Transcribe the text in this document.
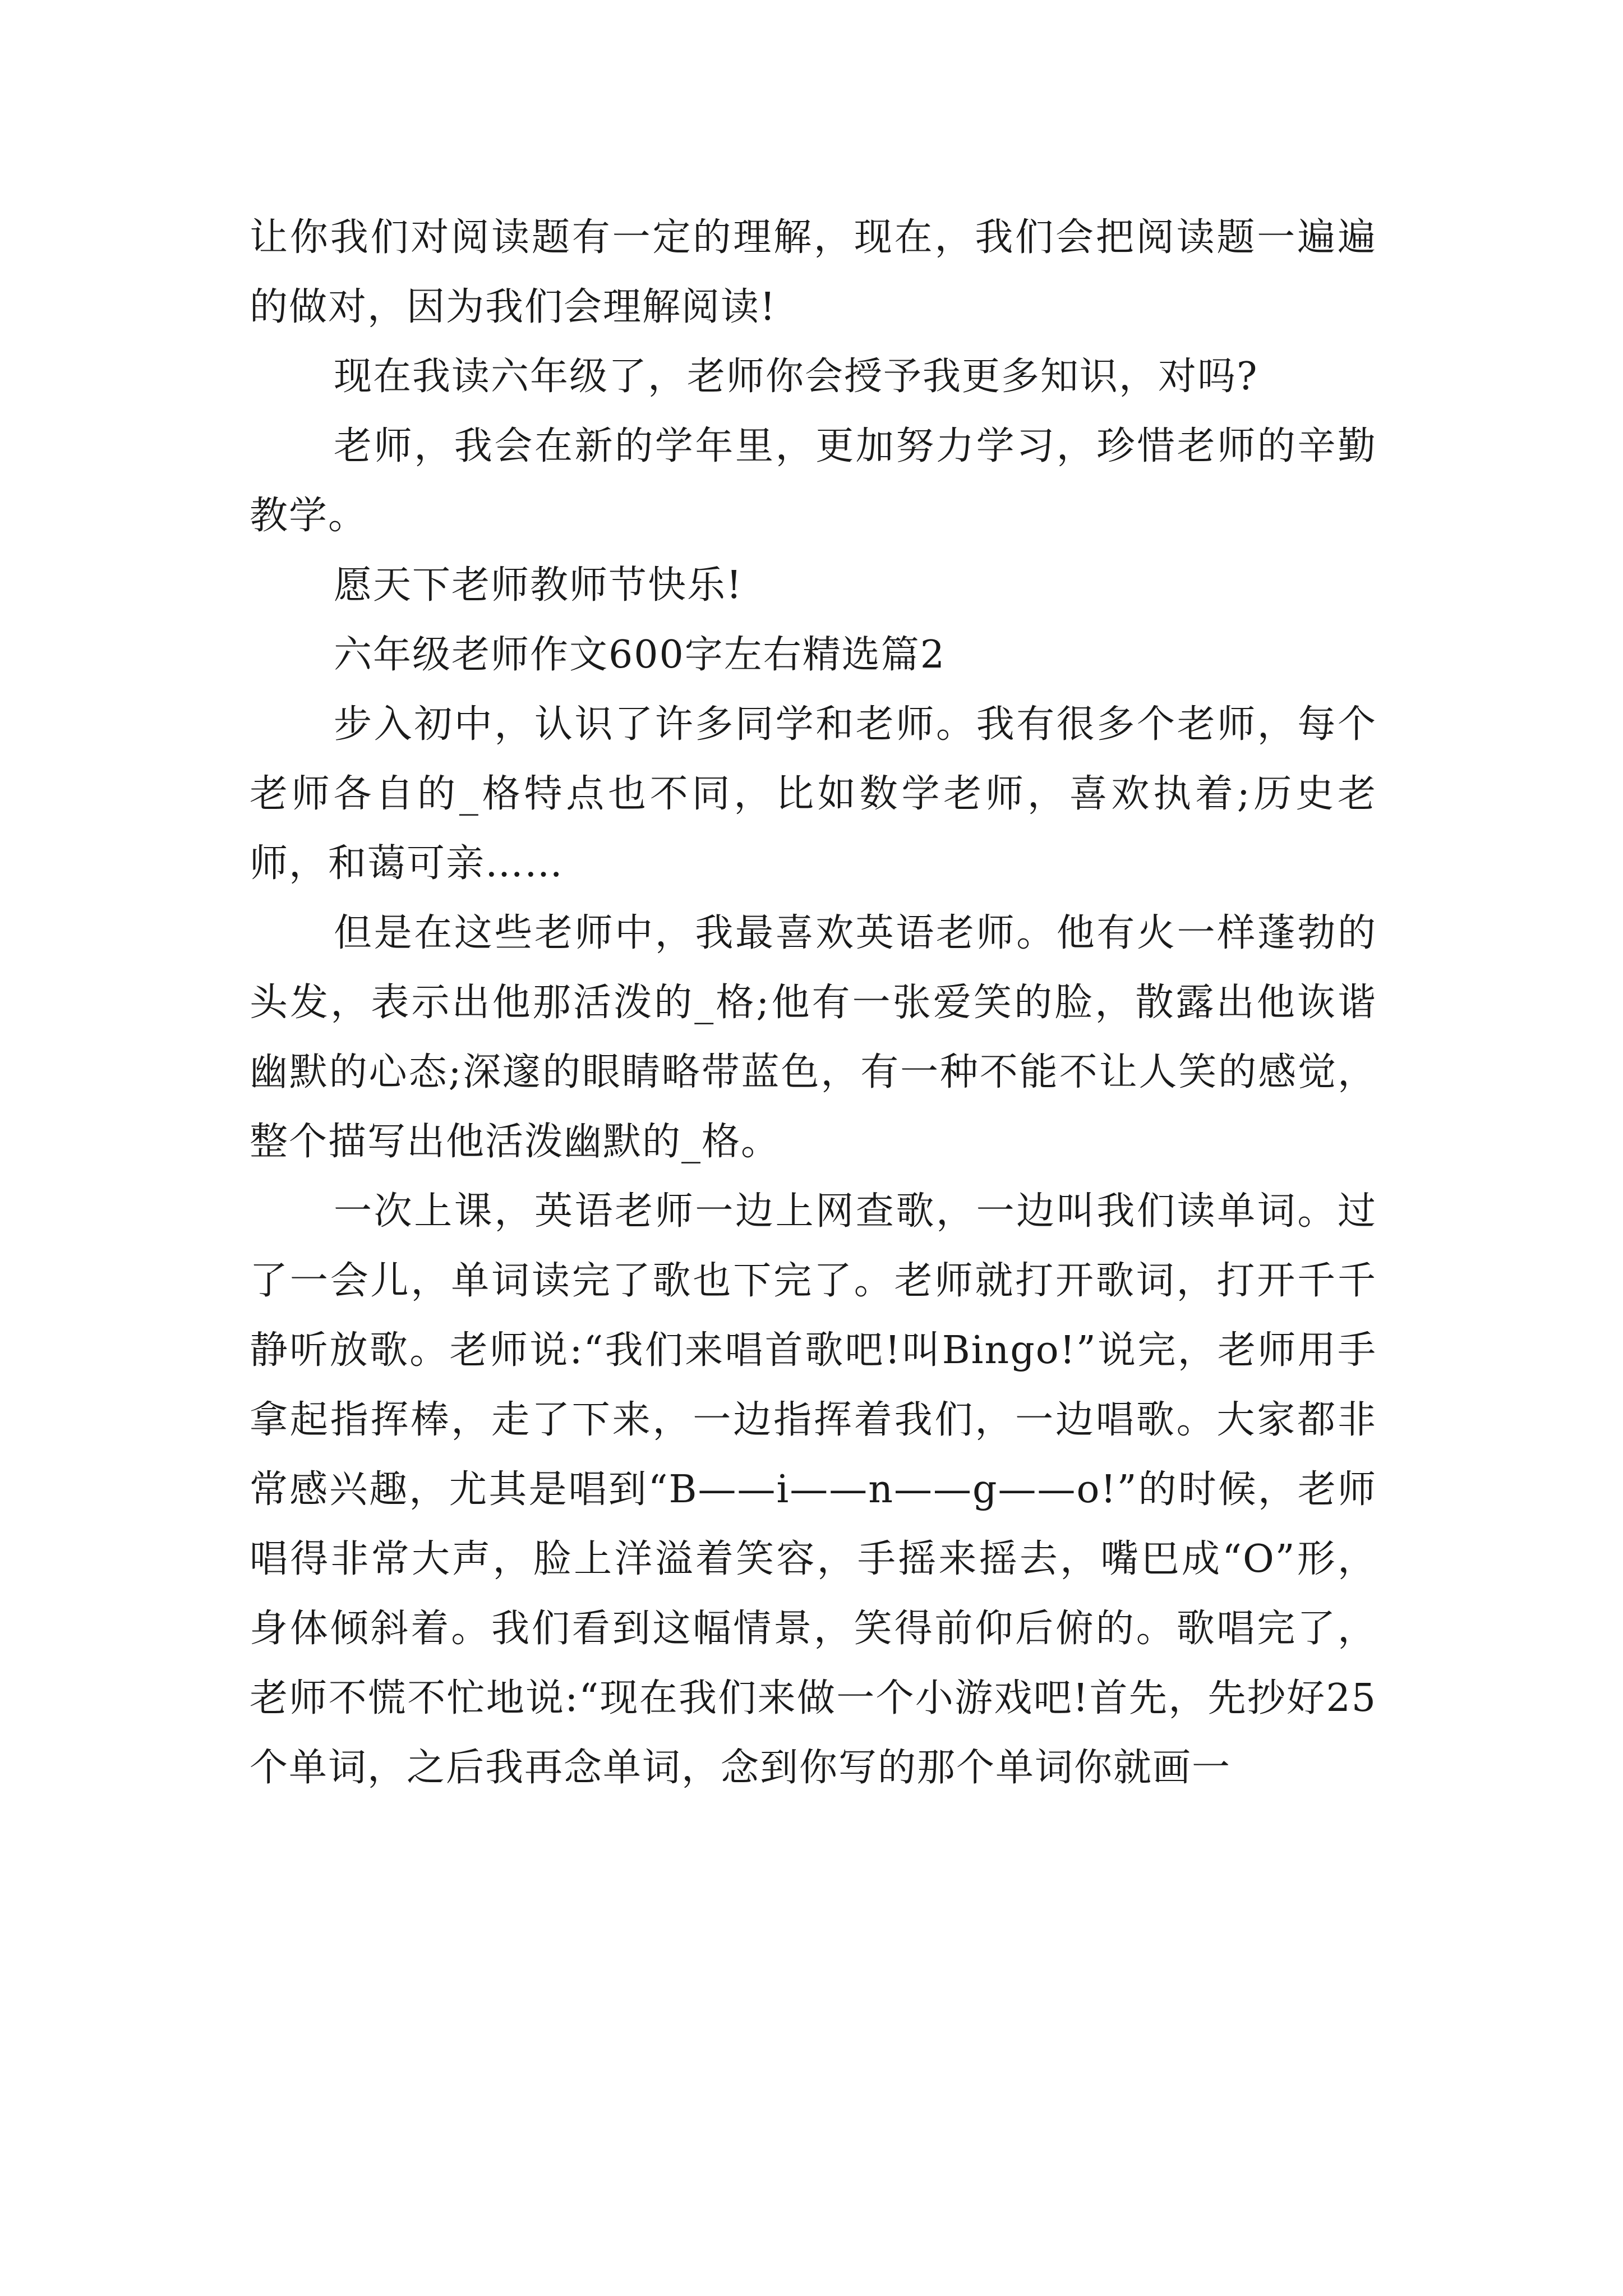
让你我们对阅读题有一定的理解，现在，我们会把阅读题一遍遍的做对，因为我们会理解阅读!

现在我读六年级了，老师你会授予我更多知识，对吗?

老师，我会在新的学年里，更加努力学习，珍惜老师的辛勤教学。

愿天下老师教师节快乐!

六年级老师作文600字左右精选篇2

步入初中，认识了许多同学和老师。我有很多个老师，每个老师各自的_格特点也不同，比如数学老师，喜欢执着;历史老师，和蔼可亲……

但是在这些老师中，我最喜欢英语老师。他有火一样蓬勃的头发，表示出他那活泼的_格;他有一张爱笑的脸，散露出他诙谐幽默的心态;深邃的眼睛略带蓝色，有一种不能不让人笑的感觉，整个描写出他活泼幽默的_格。

一次上课，英语老师一边上网查歌，一边叫我们读单词。过了一会儿，单词读完了歌也下完了。老师就打开歌词，打开千千静听放歌。老师说:“我们来唱首歌吧!叫Bingo!”说完，老师用手拿起指挥棒，走了下来，一边指挥着我们，一边唱歌。大家都非常感兴趣，尤其是唱到“B——i——n——g——o!”的时候，老师唱得非常大声，脸上洋溢着笑容，手摇来摇去，嘴巴成“O”形，身体倾斜着。我们看到这幅情景，笑得前仰后俯的。歌唱完了，老师不慌不忙地说:“现在我们来做一个小游戏吧!首先，先抄好25个单词，之后我再念单词，念到你写的那个单词你就画一
